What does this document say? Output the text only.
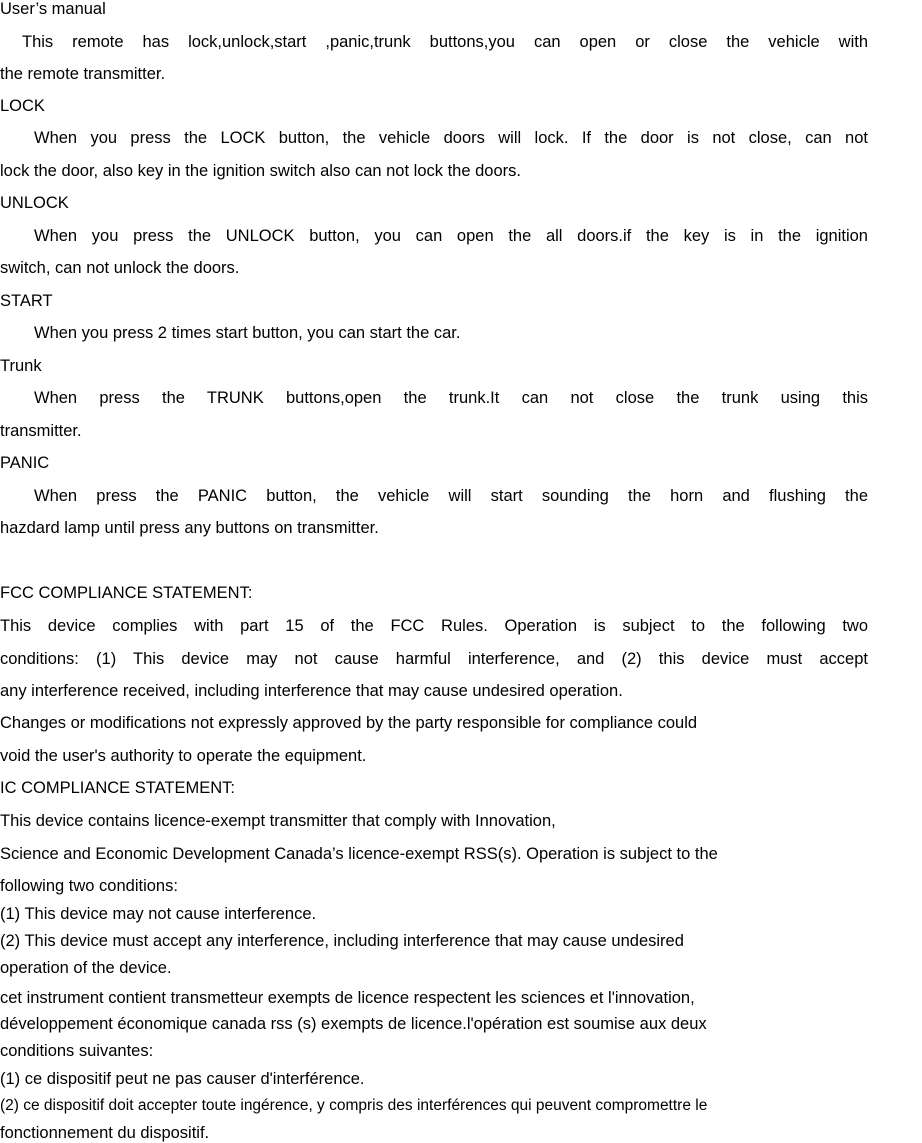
User’s manual
This remote has lock,unlock,start ,panic,trunk buttons,you can open or close the vehicle with
the remote transmitter.
LOCK
When you press the LOCK button, the vehicle doors will lock. If the door is not close, can not
lock the door, also key in the ignition switch also can not lock the doors.
UNLOCK
When you press the UNLOCK button, you can open the all doors.if the key is in the ignition
switch, can not unlock the doors.
START
When you press 2 times start button, you can start the car.
Trunk
When press the TRUNK buttons,open the trunk.It can not close the trunk using this
transmitter.
PANIC
When press the PANIC button, the vehicle will start sounding the horn and flushing the
hazdard lamp until press any buttons on transmitter.
FCC COMPLIANCE STATEMENT:
This device complies with part 15 of the FCC Rules. Operation is subject to the following two
conditions: (1) This device may not cause harmful interference, and (2) this device must accept
any interference received, including interference that may cause undesired operation.
Changes or modifications not expressly approved by the party responsible for compliance could
void the user's authority to operate the equipment.
IC COMPLIANCE STATEMENT:
This device contains licence-exempt transmitter that comply with Innovation,
Science and Economic Development Canada’s licence-exempt RSS(s). Operation is subject to the
following two conditions:
(1) This device may not cause interference.
(2) This device must accept any interference, including interference that may cause undesired
operation of the device.
cet instrument contient transmetteur exempts de licence respectent les sciences et l'innovation,
développement économique canada rss (s) exempts de licence.l'opération est soumise aux deux
conditions suivantes:
(1) ce dispositif peut ne pas causer d'interférence.
(2) ce dispositif doit accepter toute ingérence, y compris des interférences qui peuvent compromettre le
fonctionnement du dispositif.
